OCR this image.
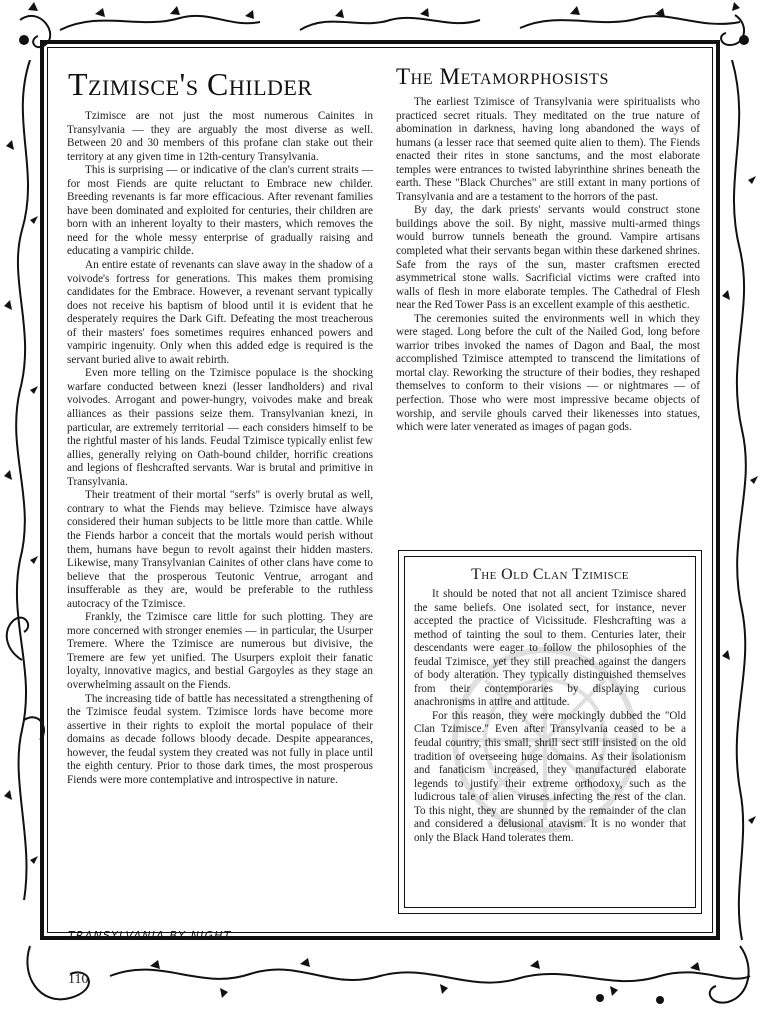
Tzimisce's Childer

Tzimisce are not just the most numerous Cainites in Transylvania — they are arguably the most diverse as well. Between 20 and 30 members of this profane clan stake out their territory at any given time in 12th-century Transylvania.

This is surprising — or indicative of the clan's current straits — for most Fiends are quite reluctant to Embrace new childer. Breeding revenants is far more efficacious. After revenant families have been dominated and exploited for centuries, their children are born with an inherent loyalty to their masters, which removes the need for the whole messy enterprise of gradually raising and educating a vampiric childe.

An entire estate of revenants can slave away in the shadow of a voivode's fortress for generations. This makes them promising candidates for the Embrace. However, a revenant servant typically does not receive his baptism of blood until it is evident that he desperately requires the Dark Gift. Defeating the most treacherous of their masters' foes sometimes requires enhanced powers and vampiric ingenuity. Only when this added edge is required is the servant buried alive to await rebirth.

Even more telling on the Tzimisce populace is the shocking warfare conducted between knezi (lesser landholders) and rival voivodes. Arrogant and power-hungry, voivodes make and break alliances as their passions seize them. Transylvanian knezi, in particular, are extremely territorial — each considers himself to be the rightful master of his lands. Feudal Tzimisce typically enlist few allies, generally relying on Oath-bound childer, horrific creations and legions of fleshcrafted servants. War is brutal and primitive in Transylvania.

Their treatment of their mortal "serfs" is overly brutal as well, contrary to what the Fiends may believe. Tzimisce have always considered their human subjects to be little more than cattle. While the Fiends harbor a conceit that the mortals would perish without them, humans have begun to revolt against their hidden masters. Likewise, many Transylvanian Cainites of other clans have come to believe that the prosperous Teutonic Ventrue, arrogant and insufferable as they are, would be preferable to the ruthless autocracy of the Tzimisce.

Frankly, the Tzimisce care little for such plotting. They are more concerned with stronger enemies — in particular, the Usurper Tremere. Where the Tzimisce are numerous but divisive, the Tremere are few yet unified. The Usurpers exploit their fanatic loyalty, innovative magics, and bestial Gargoyles as they stage an overwhelming assault on the Fiends.

The increasing tide of battle has necessitated a strengthening of the Tzimisce feudal system. Tzimisce lords have become more assertive in their rights to exploit the mortal populace of their domains as decade follows bloody decade. Despite appearances, however, the feudal system they created was not fully in place until the eighth century. Prior to those dark times, the most prosperous Fiends were more contemplative and introspective in nature.

The Metamorphosists

The earliest Tzimisce of Transylvania were spiritualists who practiced secret rituals. They meditated on the true nature of abomination in darkness, having long abandoned the ways of humans (a lesser race that seemed quite alien to them). The Fiends enacted their rites in stone sanctums, and the most elaborate temples were entrances to twisted labyrinthine shrines beneath the earth. These "Black Churches" are still extant in many portions of Transylvania and are a testament to the horrors of the past.

By day, the dark priests' servants would construct stone buildings above the soil. By night, massive multi-armed things would burrow tunnels beneath the ground. Vampire artisans completed what their servants began within these darkened shrines. Safe from the rays of the sun, master craftsmen erected asymmetrical stone walls. Sacrificial victims were crafted into walls of flesh in more elaborate temples. The Cathedral of Flesh near the Red Tower Pass is an excellent example of this aesthetic.

The ceremonies suited the environments well in which they were staged. Long before the cult of the Nailed God, long before warrior tribes invoked the names of Dagon and Baal, the most accomplished Tzimisce attempted to transcend the limitations of mortal clay. Reworking the structure of their bodies, they reshaped themselves to conform to their visions — or nightmares — of perfection. Those who were most impressive became objects of worship, and servile ghouls carved their likenesses into statues, which were later venerated as images of pagan gods.

The Old Clan Tzimisce

It should be noted that not all ancient Tzimisce shared the same beliefs. One isolated sect, for instance, never accepted the practice of Vicissitude. Fleshcrafting was a method of tainting the soul to them. Centuries later, their descendants were eager to follow the philosophies of the feudal Tzimisce, yet they still preached against the dangers of body alteration. They typically distinguished themselves from their contemporaries by displaying curious anachronisms in attire and attitude.

For this reason, they were mockingly dubbed the "Old Clan Tzimisce." Even after Transylvania ceased to be a feudal country, this small, shrill sect still insisted on the old tradition of overseeing huge domains. As their isolationism and fanaticism increased, they manufactured elaborate legends to justify their extreme orthodoxy, such as the ludicrous tale of alien viruses infecting the rest of the clan. To this night, they are shunned by the remainder of the clan and considered a delusional atavism. It is no wonder that only the Black Hand tolerates them.

TRANSYLVANIA BY NIGHT
110
